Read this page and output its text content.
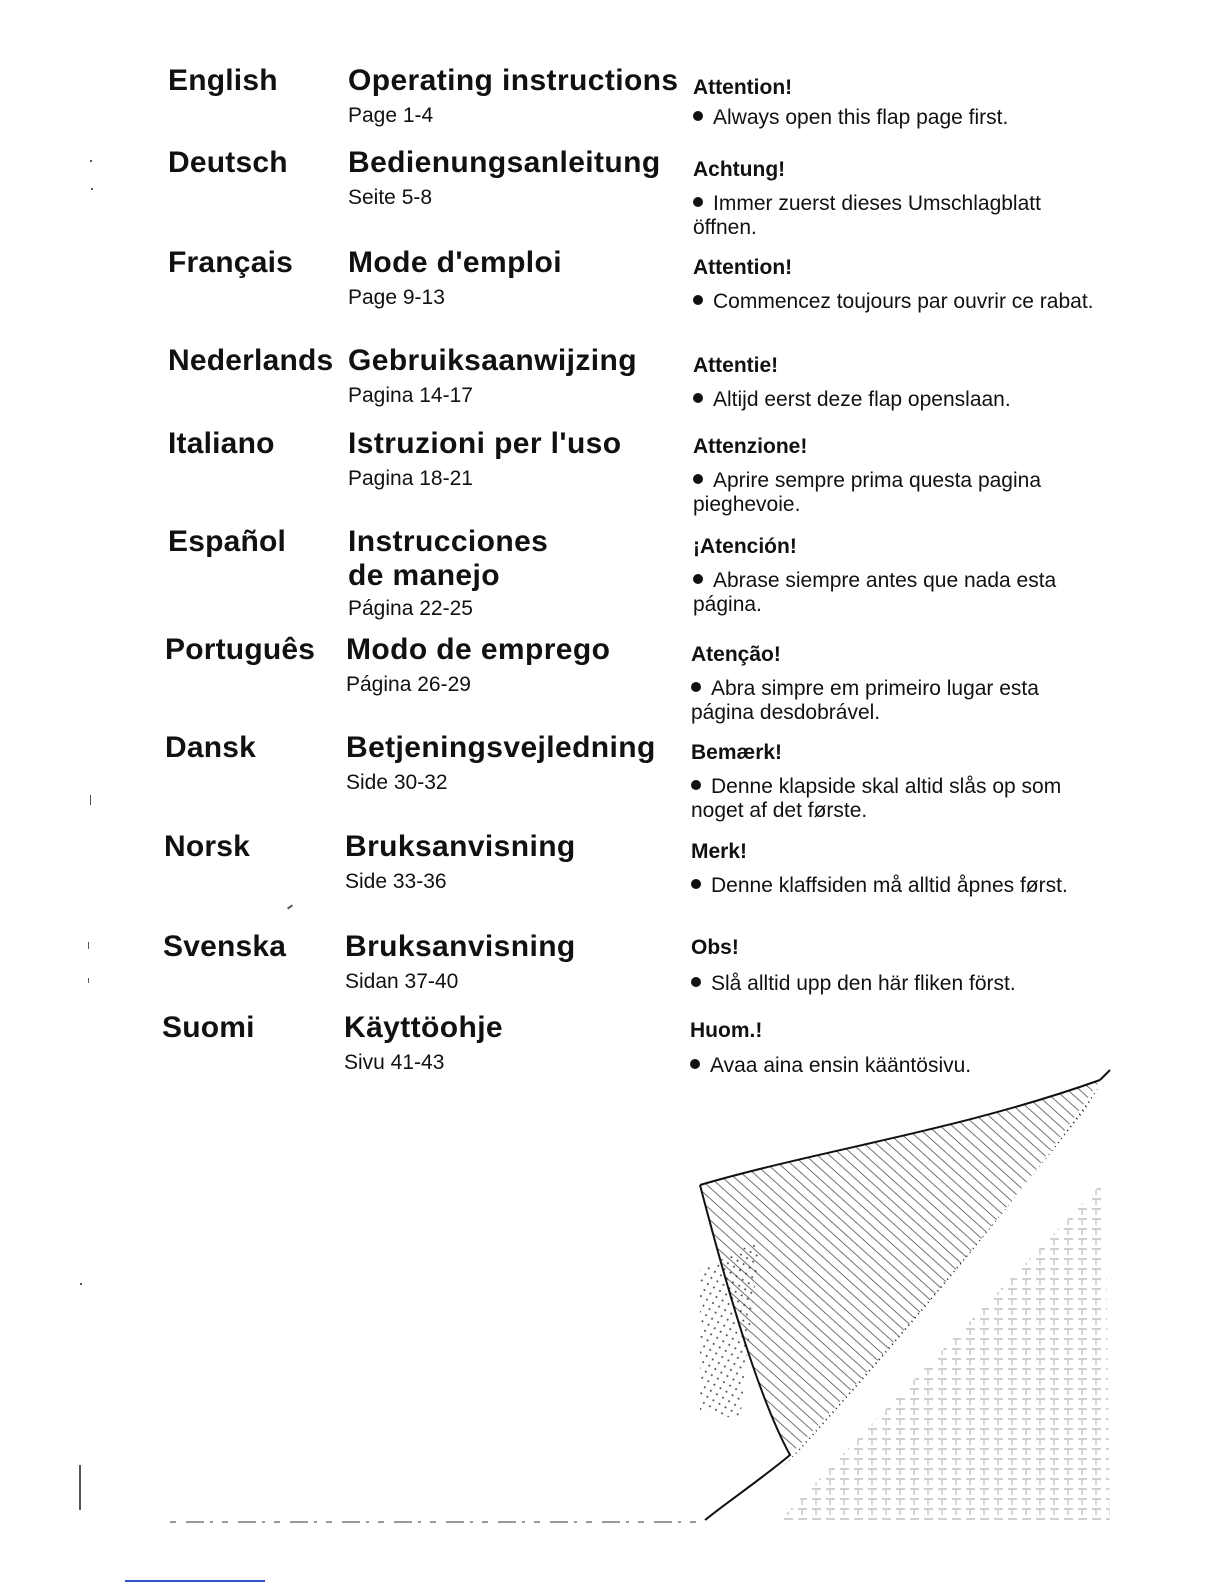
English Operating instructions
Page 1-4
Attention!
Always open this flap page first.
Deutsch Bedienungsanleitung
Seite 5-8
Achtung!
Immer zuerst dieses Umschlagblatt öffnen.
Français Mode d'emploi
Page 9-13
Attention!
Commencez toujours par ouvrir ce rabat.
Nederlands Gebruiksaanwijzing
Pagina 14-17
Attentie!
Altijd eerst deze flap openslaan.
Italiano Istruzioni per l'uso
Pagina 18-21
Attenzione!
Aprire sempre prima questa pagina pieghevoie.
Español Instrucciones de manejo
Página 22-25
¡Atención!
Abrase siempre antes que nada esta página.
Português Modo de emprego
Página 26-29
Atenção!
Abra simpre em primeiro lugar esta página desdobrável.
Dansk	Betjeningsvejledning
Side 30-32
Bemærk!
Denne klapside skal altid slås op som noget af det første.
Norsk	Bruksanvisning
Side 33-36
Merk!
Denne klaffsiden må alltid åpnes først.
Svenska Bruksanvisning
Sidan 37-40
Obs!
Slå alltid upp den här fliken först.
Suomi	Käyttöohje
Sivu 41-43
Huom.!
Avaa aina ensin kääntösivu.
